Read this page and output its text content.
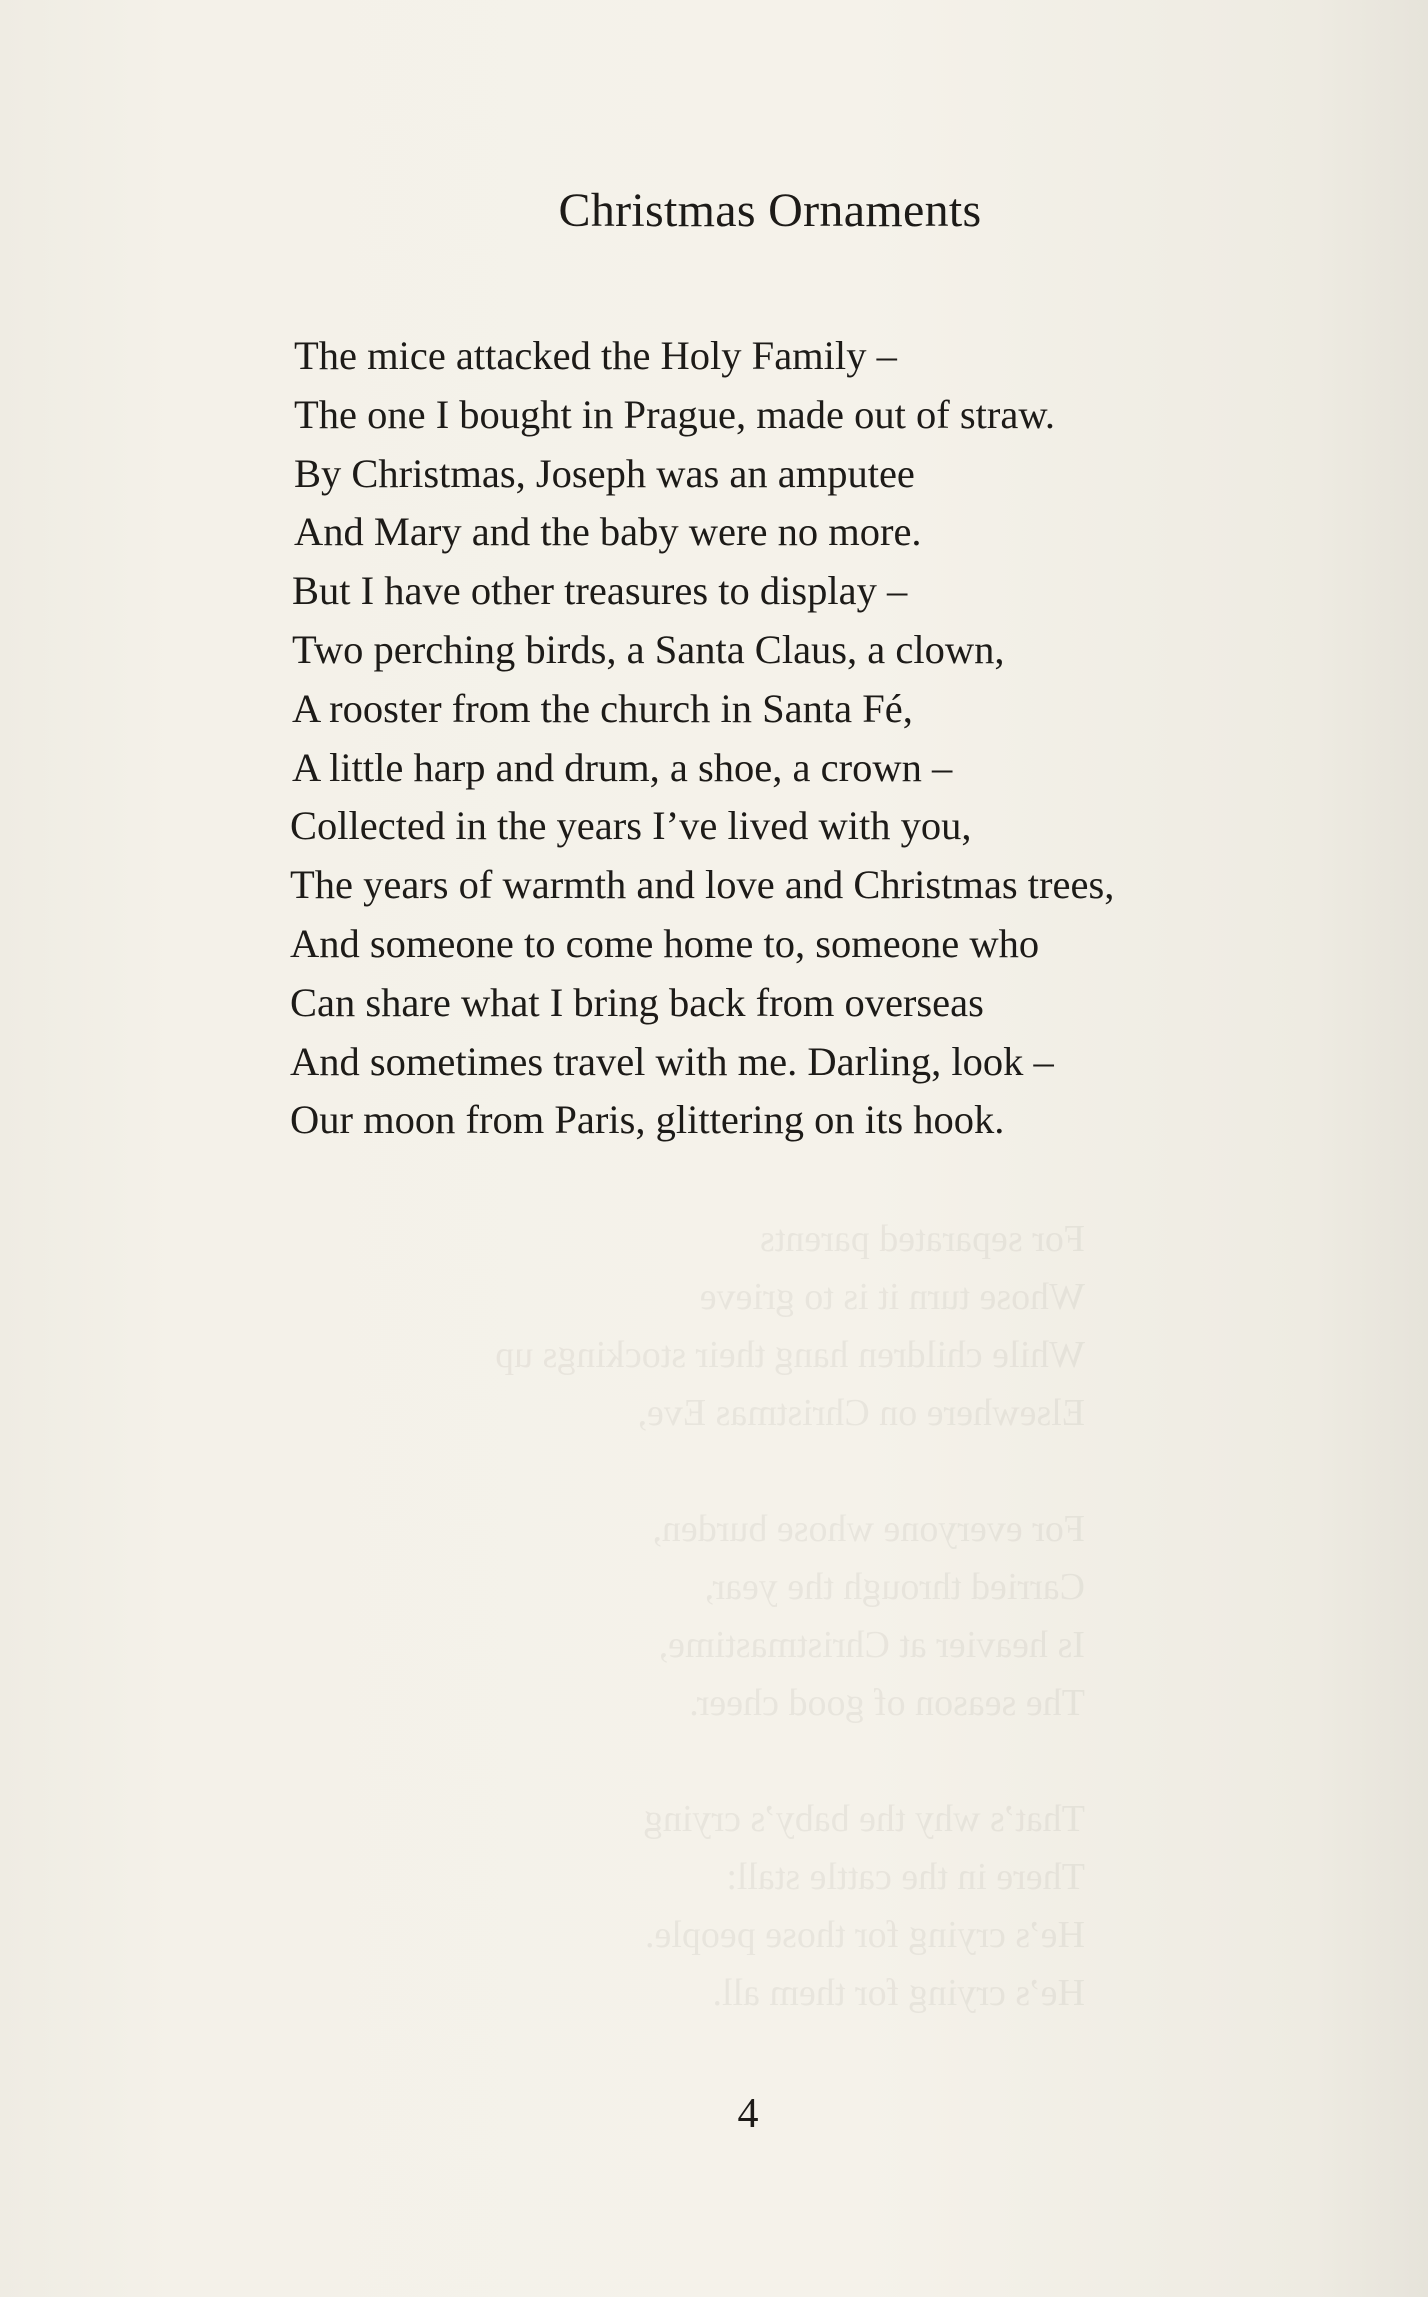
For separated parents
Whose turn it is to grieve
While children hang their stockings up
Elsewhere on Christmas Eve,
For everyone whose burden,
Carried through the year,
Is heavier at Christmastime,
The season of good cheer.
That’s why the baby’s crying
There in the cattle stall:
He’s crying for those people.
He’s crying for them all.
Christmas Ornaments
The mice attacked the Holy Family –
The one I bought in Prague, made out of straw.
By Christmas, Joseph was an amputee
And Mary and the baby were no more.
But I have other treasures to display –
Two perching birds, a Santa Claus, a clown,
A rooster from the church in Santa Fé,
A little harp and drum, a shoe, a crown –
Collected in the years I’ve lived with you,
The years of warmth and love and Christmas trees,
And someone to come home to, someone who
Can share what I bring back from overseas
And sometimes travel with me. Darling, look –
Our moon from Paris, glittering on its hook.
4
